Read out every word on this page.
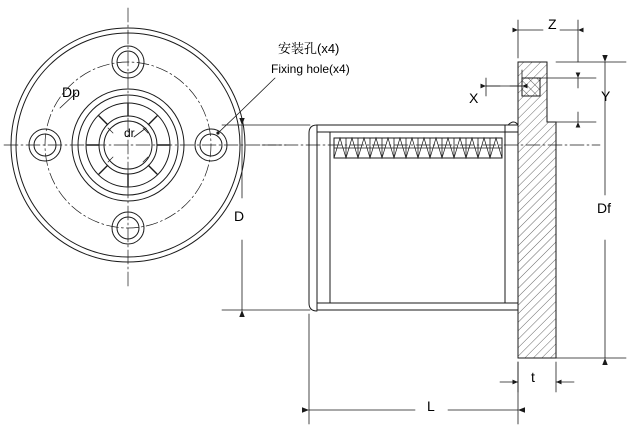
安装孔(x4)
Fixing hole(x4)
Dp
dr
D	Df
Z
X	Y
t
L
